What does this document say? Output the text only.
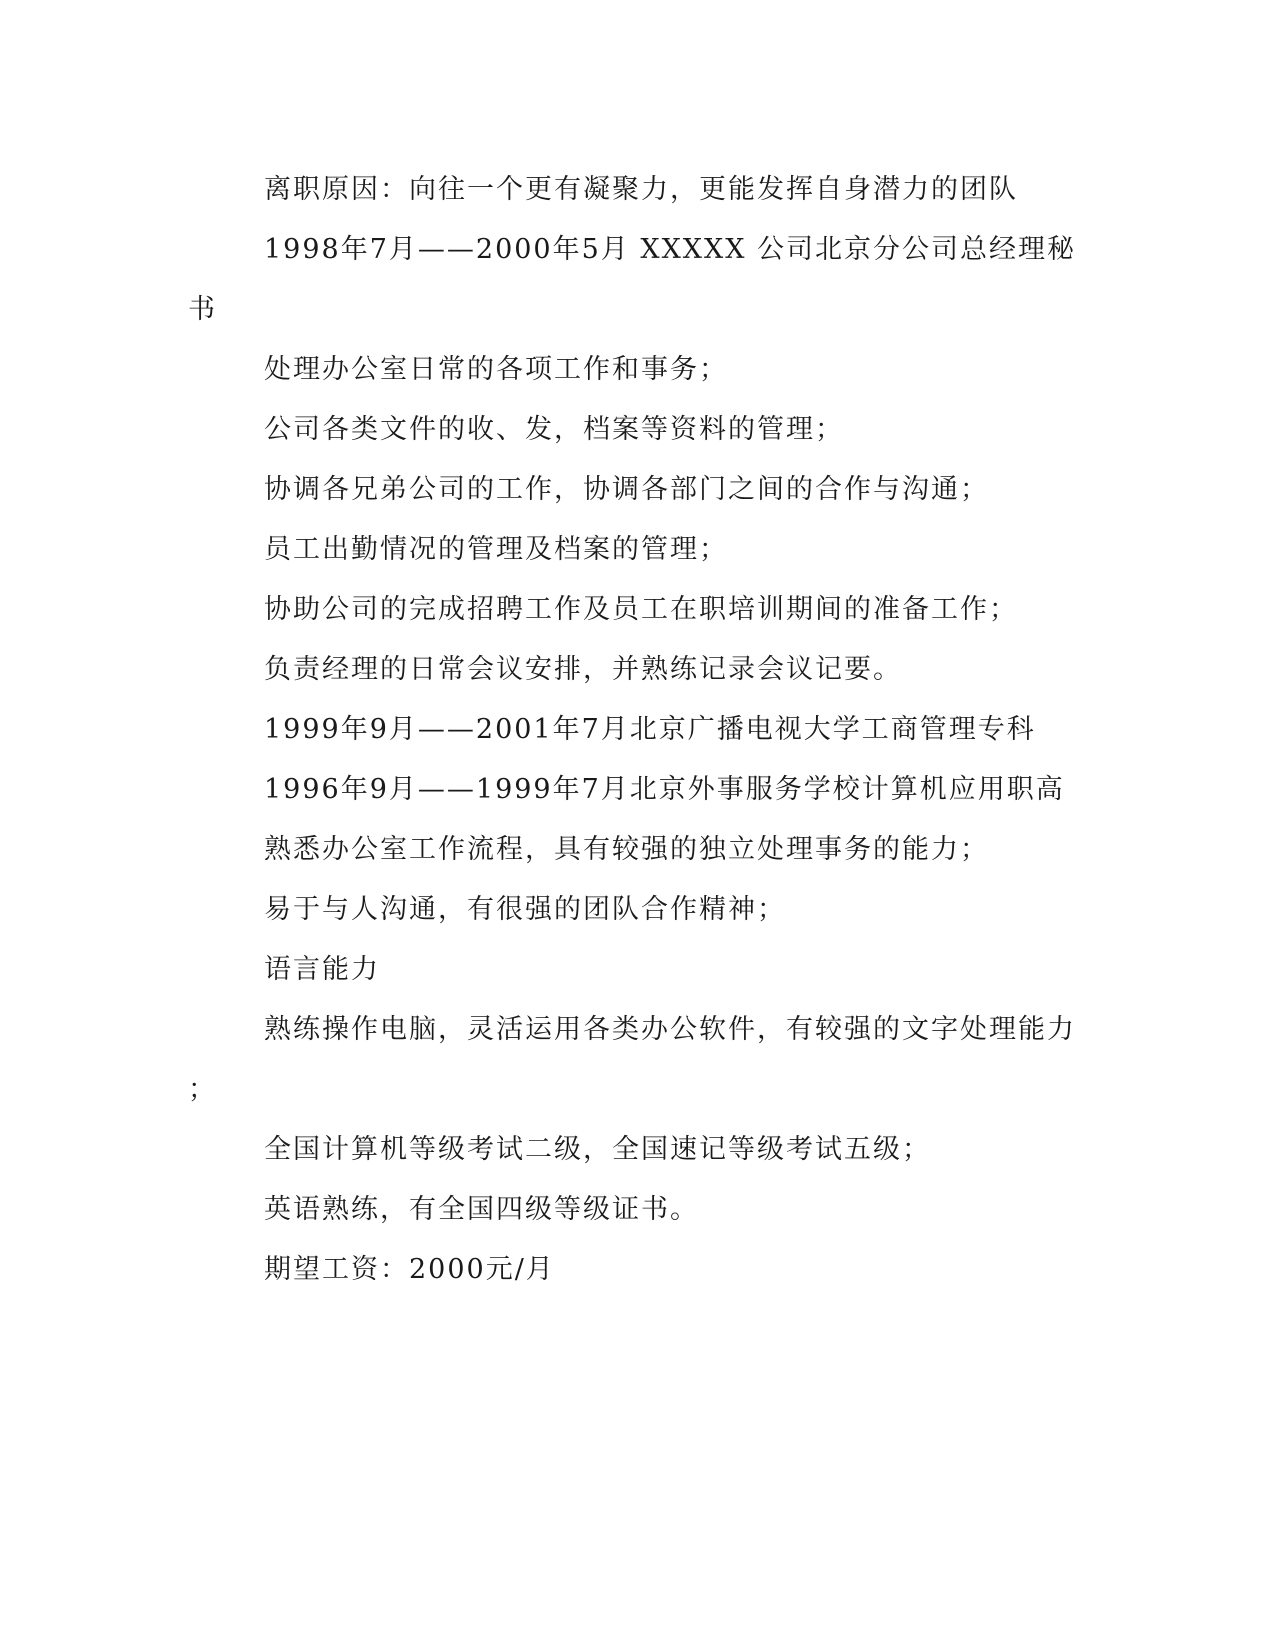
离职原因：向往一个更有凝聚力，更能发挥自身潜力的团队
1998年7月——2000年5月 XXXXX 公司北京分公司总经理秘
书
处理办公室日常的各项工作和事务；
公司各类文件的收、发，档案等资料的管理；
协调各兄弟公司的工作，协调各部门之间的合作与沟通；
员工出勤情况的管理及档案的管理；
协助公司的完成招聘工作及员工在职培训期间的准备工作；
负责经理的日常会议安排，并熟练记录会议记要。
1999年9月——2001年7月北京广播电视大学工商管理专科
1996年9月——1999年7月北京外事服务学校计算机应用职高
熟悉办公室工作流程，具有较强的独立处理事务的能力；
易于与人沟通，有很强的团队合作精神；
语言能力
熟练操作电脑，灵活运用各类办公软件，有较强的文字处理能力
；
全国计算机等级考试二级，全国速记等级考试五级；
英语熟练，有全国四级等级证书。
期望工资：2000元/月
